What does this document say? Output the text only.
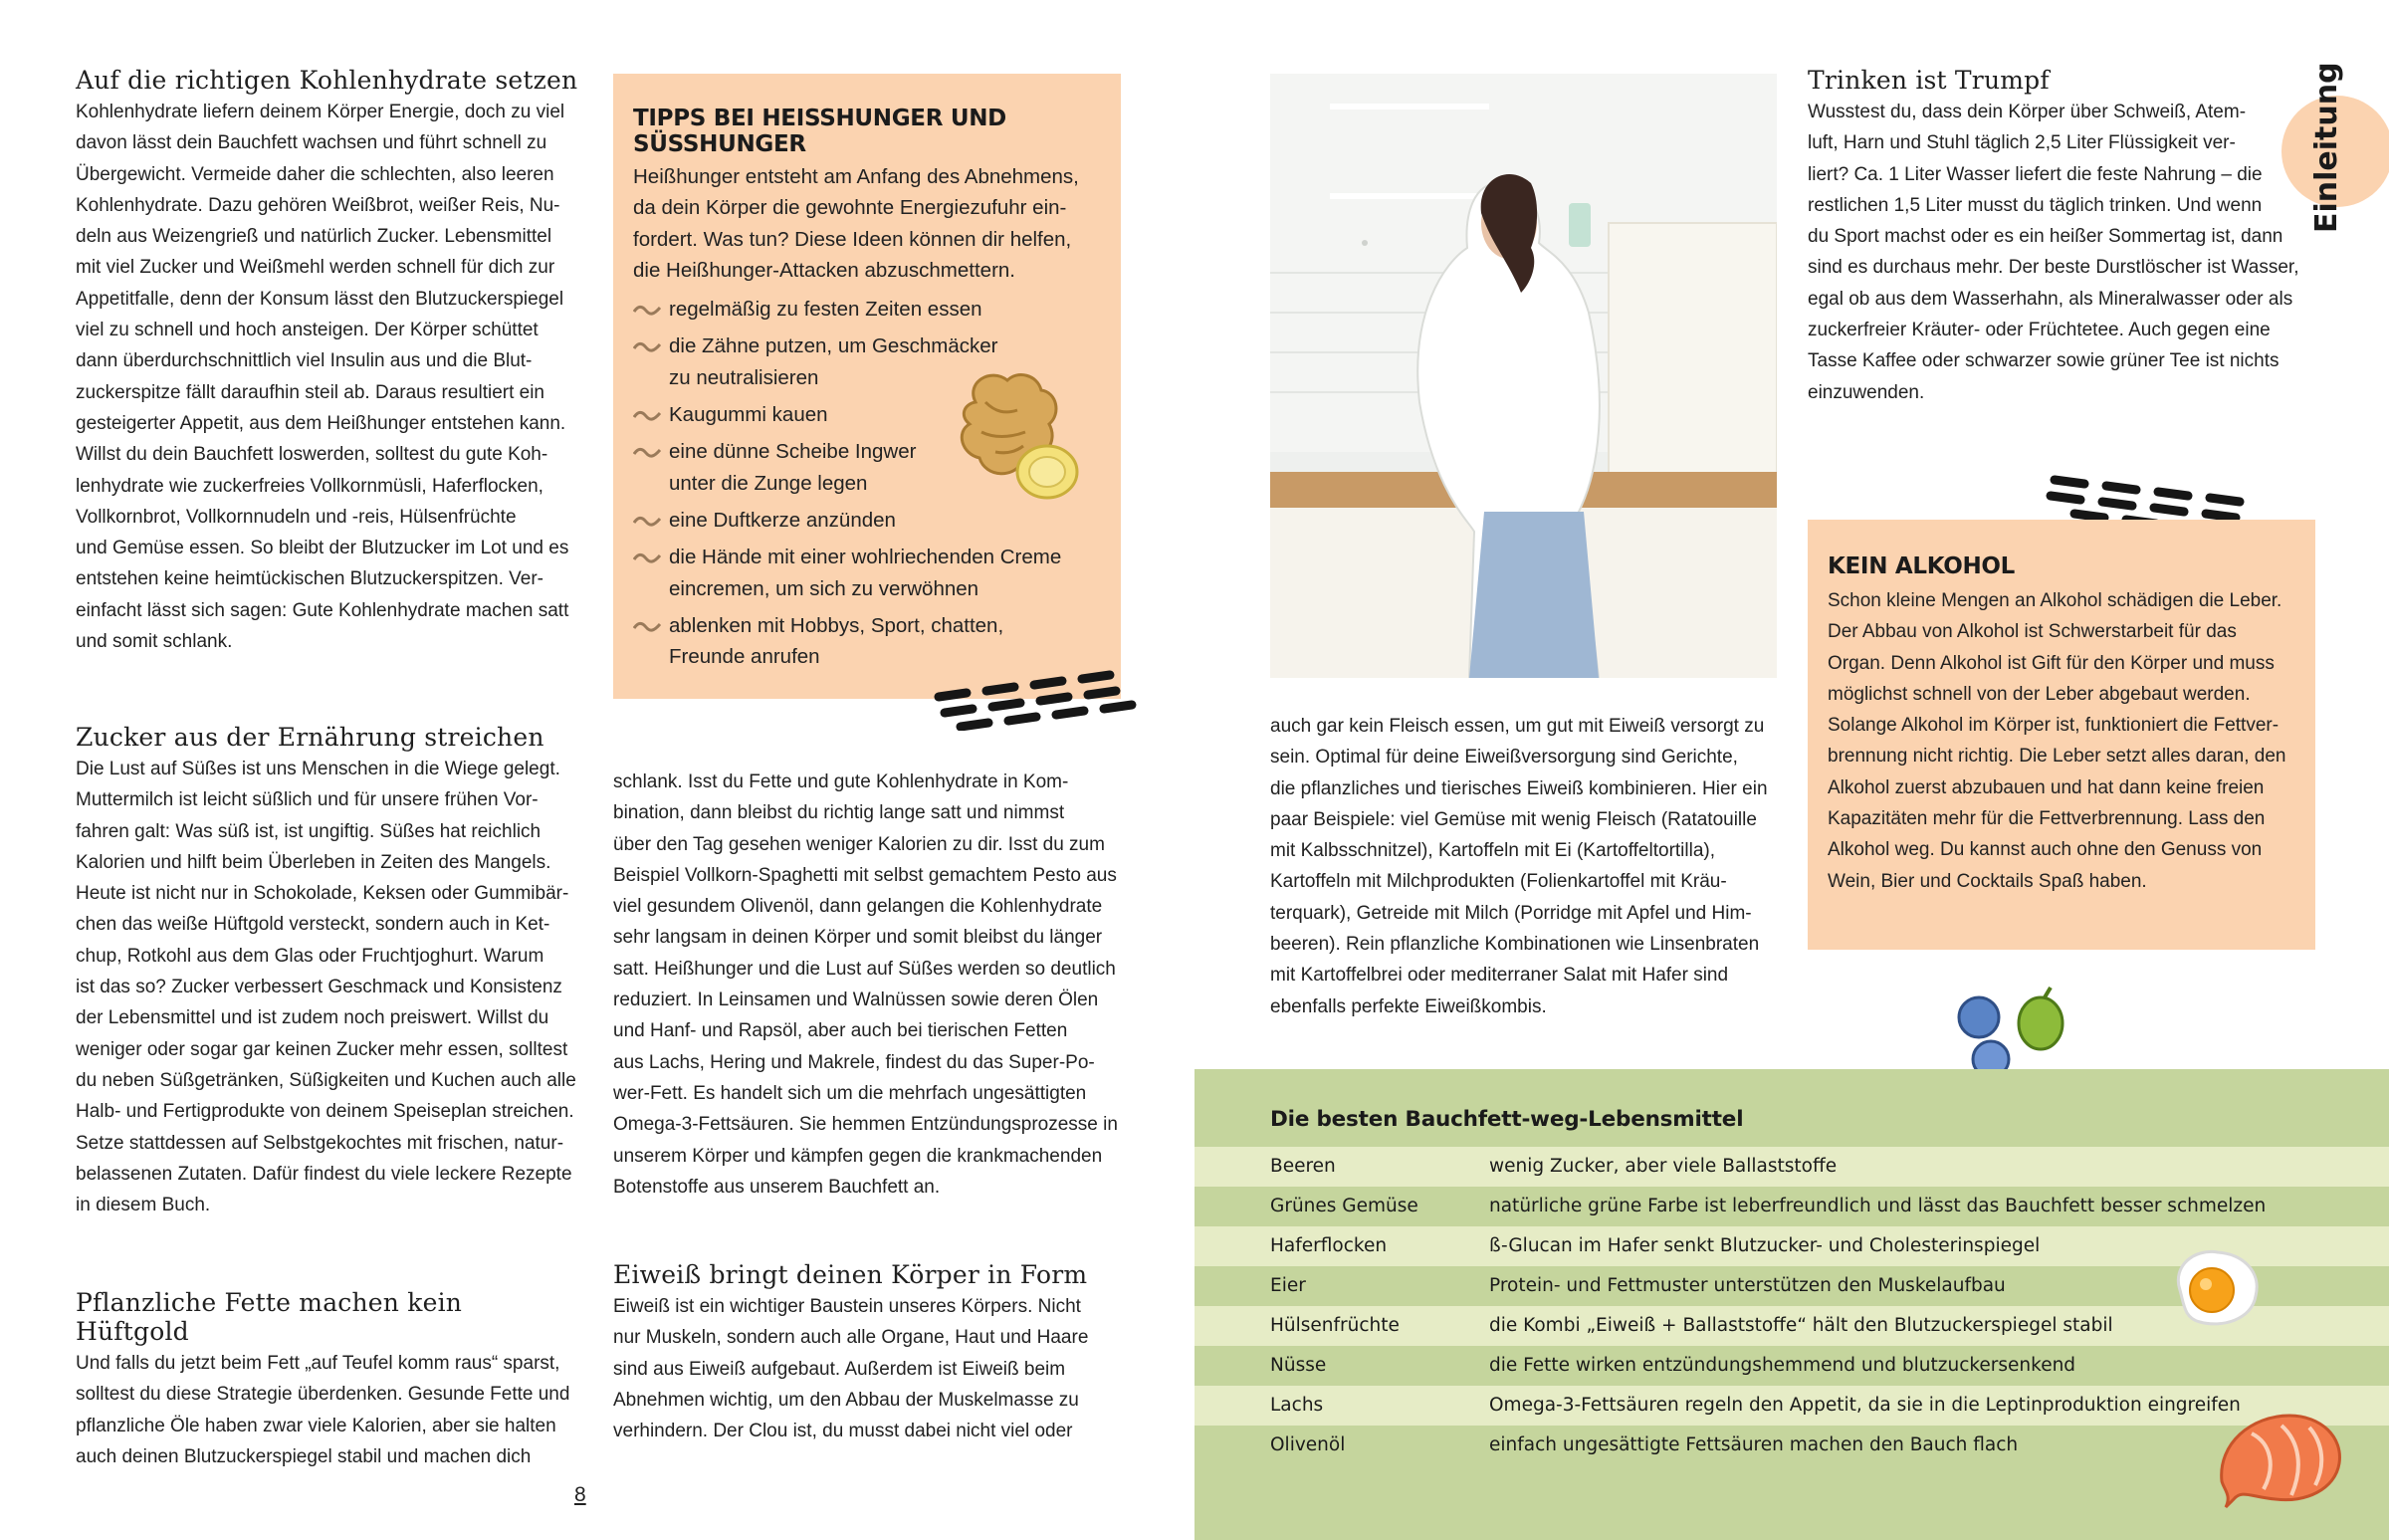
Auf die richtigen Kohlenhydrate setzen
Kohlenhydrate liefern deinem Körper Energie, doch zu viel
davon lässt dein Bauchfett wachsen und führt schnell zu
Übergewicht. Vermeide daher die schlechten, also leeren
Kohlenhydrate. Dazu gehören Weißbrot, weißer Reis, Nu-
deln aus Weizengrieß und natürlich Zucker. Lebensmittel
mit viel Zucker und Weißmehl werden schnell für dich zur
Appetitfalle, denn der Konsum lässt den Blutzuckerspiegel
viel zu schnell und hoch ansteigen. Der Körper schüttet
dann überdurchschnittlich viel Insulin aus und die Blut-
zuckerspitze fällt daraufhin steil ab. Daraus resultiert ein
gesteigerter Appetit, aus dem Heißhunger entstehen kann.
Willst du dein Bauchfett loswerden, solltest du gute Koh-
lenhydrate wie zuckerfreies Vollkornmüsli, Haferflocken,
Vollkornbrot, Vollkornnudeln und -reis, Hülsenfrüchte
und Gemüse essen. So bleibt der Blutzucker im Lot und es
entstehen keine heimtückischen Blutzuckerspitzen. Ver-
einfacht lässt sich sagen: Gute Kohlenhydrate machen satt
und somit schlank.
Zucker aus der Ernährung streichen
Die Lust auf Süßes ist uns Menschen in die Wiege gelegt.
Muttermilch ist leicht süßlich und für unsere frühen Vor-
fahren galt: Was süß ist, ist ungiftig. Süßes hat reichlich
Kalorien und hilft beim Überleben in Zeiten des Mangels.
Heute ist nicht nur in Schokolade, Keksen oder Gummibär-
chen das weiße Hüftgold versteckt, sondern auch in Ket-
chup, Rotkohl aus dem Glas oder Fruchtjoghurt. Warum
ist das so? Zucker verbessert Geschmack und Konsistenz
der Lebensmittel und ist zudem noch preiswert. Willst du
weniger oder sogar gar keinen Zucker mehr essen, solltest
du neben Süßgetränken, Süßigkeiten und Kuchen auch alle
Halb- und Fertigprodukte von deinem Speiseplan streichen.
Setze stattdessen auf Selbstgekochtes mit frischen, natur-
belassenen Zutaten. Dafür findest du viele leckere Rezepte
in diesem Buch.
Pflanzliche Fette machen kein Hüftgold
Und falls du jetzt beim Fett „auf Teufel komm raus“ sparst,
solltest du diese Strategie überdenken. Gesunde Fette und
pflanzliche Öle haben zwar viele Kalorien, aber sie halten
auch deinen Blutzuckerspiegel stabil und machen dich
TIPPS BEI HEISSHUNGER UND SÜSSHUNGER
Heißhunger entsteht am Anfang des Abnehmens,
da dein Körper die gewohnte Energiezufuhr ein-
fordert. Was tun? Diese Ideen können dir helfen,
die Heißhunger-Attacken abzuschmettern.
regelmäßig zu festen Zeiten essen
die Zähne putzen, um Geschmäcker
zu neutralisieren
Kaugummi kauen
eine dünne Scheibe Ingwer
unter die Zunge legen
eine Duftkerze anzünden
die Hände mit einer wohlriechenden Creme
eincremen, um sich zu verwöhnen
ablenken mit Hobbys, Sport, chatten,
Freunde anrufen
schlank. Isst du Fette und gute Kohlenhydrate in Kom-
bination, dann bleibst du richtig lange satt und nimmst
über den Tag gesehen weniger Kalorien zu dir. Isst du zum
Beispiel Vollkorn-Spaghetti mit selbst gemachtem Pesto aus
viel gesundem Olivenöl, dann gelangen die Kohlenhydrate
sehr langsam in deinen Körper und somit bleibst du länger
satt. Heißhunger und die Lust auf Süßes werden so deutlich
reduziert. In Leinsamen und Walnüssen sowie deren Ölen
und Hanf- und Rapsöl, aber auch bei tierischen Fetten
aus Lachs, Hering und Makrele, findest du das Super-Po-
wer-Fett. Es handelt sich um die mehrfach ungesättigten
Omega-3-Fettsäuren. Sie hemmen Entzündungsprozesse in
unserem Körper und kämpfen gegen die krankmachenden
Botenstoffe aus unserem Bauchfett an.
Eiweiß bringt deinen Körper in Form
Eiweiß ist ein wichtiger Baustein unseres Körpers. Nicht
nur Muskeln, sondern auch alle Organe, Haut und Haare
sind aus Eiweiß aufgebaut. Außerdem ist Eiweiß beim
Abnehmen wichtig, um den Abbau der Muskelmasse zu
verhindern. Der Clou ist, du musst dabei nicht viel oder
8
auch gar kein Fleisch essen, um gut mit Eiweiß versorgt zu
sein. Optimal für deine Eiweißversorgung sind Gerichte,
die pflanzliches und tierisches Eiweiß kombinieren. Hier ein
paar Beispiele: viel Gemüse mit wenig Fleisch (Ratatouille
mit Kalbsschnitzel), Kartoffeln mit Ei (Kartoffeltortilla),
Kartoffeln mit Milchprodukten (Folienkartoffel mit Kräu-
terquark), Getreide mit Milch (Porridge mit Apfel und Him-
beeren). Rein pflanzliche Kombinationen wie Linsenbraten
mit Kartoffelbrei oder mediterraner Salat mit Hafer sind
ebenfalls perfekte Eiweißkombis.
Trinken ist Trumpf
Wusstest du, dass dein Körper über Schweiß, Atem-
luft, Harn und Stuhl täglich 2,5 Liter Flüssigkeit ver-
liert? Ca. 1 Liter Wasser liefert die feste Nahrung – die
restlichen 1,5 Liter musst du täglich trinken. Und wenn
du Sport machst oder es ein heißer Sommertag ist, dann
sind es durchaus mehr. Der beste Durstlöscher ist Wasser,
egal ob aus dem Wasserhahn, als Mineralwasser oder als
zuckerfreier Kräuter- oder Früchtetee. Auch gegen eine
Tasse Kaffee oder schwarzer sowie grüner Tee ist nichts
einzuwenden.
Einleitung
KEIN ALKOHOL
Schon kleine Mengen an Alkohol schädigen die Leber.
Der Abbau von Alkohol ist Schwerstarbeit für das
Organ. Denn Alkohol ist Gift für den Körper und muss
möglichst schnell von der Leber abgebaut werden.
Solange Alkohol im Körper ist, funktioniert die Fettver-
brennung nicht richtig. Die Leber setzt alles daran, den
Alkohol zuerst abzubauen und hat dann keine freien
Kapazitäten mehr für die Fettverbrennung. Lass den
Alkohol weg. Du kannst auch ohne den Genuss von
Wein, Bier und Cocktails Spaß haben.
Die besten Bauchfett-weg-Lebensmittel
Beeren	wenig Zucker, aber viele Ballaststoffe
Grünes Gemüse	natürliche grüne Farbe ist leberfreundlich und lässt das Bauchfett besser schmelzen
Haferflocken	ß-Glucan im Hafer senkt Blutzucker- und Cholesterinspiegel
Eier	Protein- und Fettmuster unterstützen den Muskelaufbau
Hülsenfrüchte	die Kombi „Eiweiß + Ballaststoffe“ hält den Blutzuckerspiegel stabil
Nüsse	die Fette wirken entzündungshemmend und blutzuckersenkend
Lachs	Omega-3-Fettsäuren regeln den Appetit, da sie in die Leptinproduktion eingreifen
Olivenöl	einfach ungesättigte Fettsäuren machen den Bauch flach
